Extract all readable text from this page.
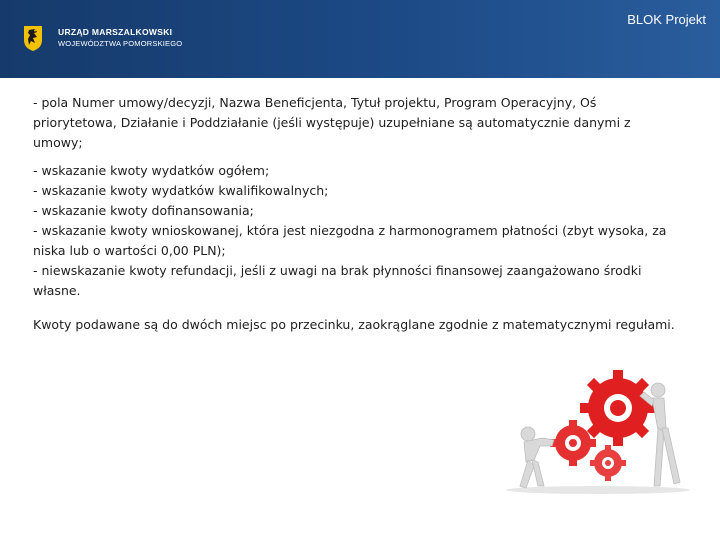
URZĄD MARSZALKOWSKI
WOJEWÓDZTWA POMORSKIEGO
BLOK Projekt

- pola Numer umowy/decyzji, Nazwa Beneficjenta, Tytuł projektu, Program Operacyjny, Oś priorytetowa, Działanie i Poddziałanie (jeśli występuje) uzupełniane są automatycznie danymi z umowy;

- wskazanie kwoty wydatków ogółem;
- wskazanie kwoty wydatków kwalifikowalnych;
- wskazanie kwoty dofinansowania;
- wskazanie kwoty wnioskowanej, która jest niezgodna z harmonogramem płatności (zbyt wysoka, za niska lub o wartości 0,00 PLN);
- niewskazanie kwoty refundacji, jeśli z uwagi na brak płynności finansowej zaangażowano środki własne.

Kwoty podawane są do dwóch miejsc po przecinku, zaokrąglane zgodnie z matematycznymi regułami.
